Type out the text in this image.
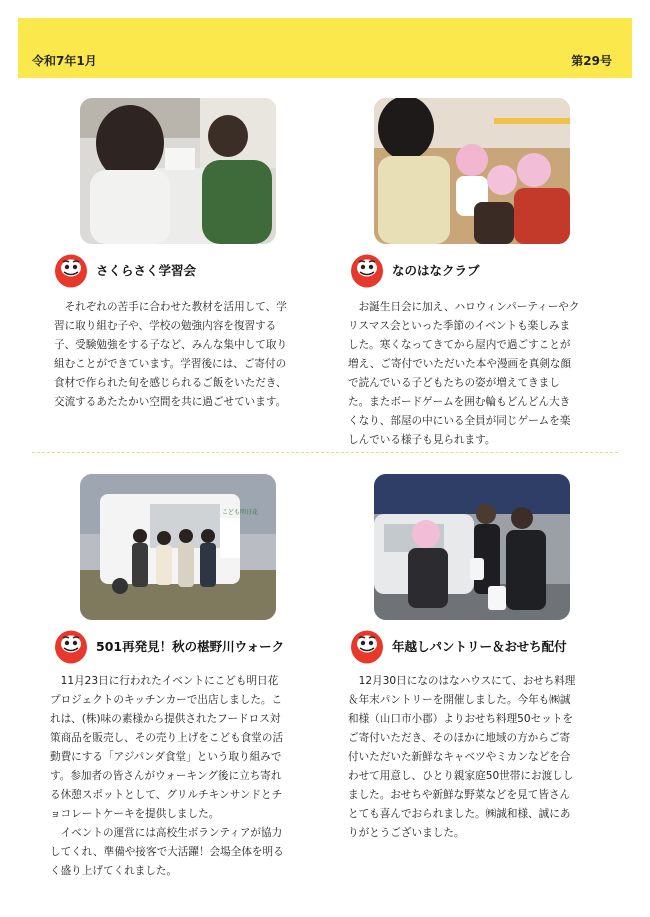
令和7年1月	第29号
さくらさく学習会	なのはなクラブ
　それぞれの苦手に合わせた教材を活用して、学
習に取り組む子や、学校の勉強内容を復習する
子、受験勉強をする子など、みんな集中して取り
組むことができています。学習後には、ご寄付の
食材で作られた旬を感じられるご飯をいただき、
交流するあたたかい空間を共に過ごせています。
　お誕生日会に加え、ハロウィンパーティーやク
リスマス会といった季節のイベントも楽しみま
した。寒くなってきてから屋内で過ごすことが
増え、ご寄付でいただいた本や漫画を真剣な顔
で読んでいる子どもたちの姿が増えてきまし
た。またボードゲームを囲む輪もどんどん大き
くなり、部屋の中にいる全員が同じゲームを楽
しんでいる様子も見られます。
こども明日花
501再発見！秋の椹野川ウォーク	年越しパントリー＆おせち配付
　11月23日に行われたイベントにこども明日花
プロジェクトのキッチンカーで出店しました。こ
れは、(株)味の素様から提供されたフードロス対
策商品を販売し、その売り上げをこども食堂の活
動費にする「アジパンダ食堂」という取り組みで
す。参加者の皆さんがウォーキング後に立ち寄れ
る休憩スポットとして、グリルチキンサンドとチ
ョコレートケーキを提供しました。
　イベントの運営には高校生ボランティアが協力
してくれ、準備や接客で大活躍！会場全体を明る
く盛り上げてくれました。
　12月30日になのはなハウスにて、おせち料理
＆年末パントリーを開催しました。今年も㈱誠
和様（山口市小郡）よりおせち料理50セットを
ご寄付いただき、そのほかに地域の方からご寄
付いただいた新鮮なキャベツやミカンなどを合
わせて用意し、ひとり親家庭50世帯にお渡しし
ました。おせちや新鮮な野菜などを見て皆さん
とても喜んでおられました。㈱誠和様、誠にあ
りがとうございました。
